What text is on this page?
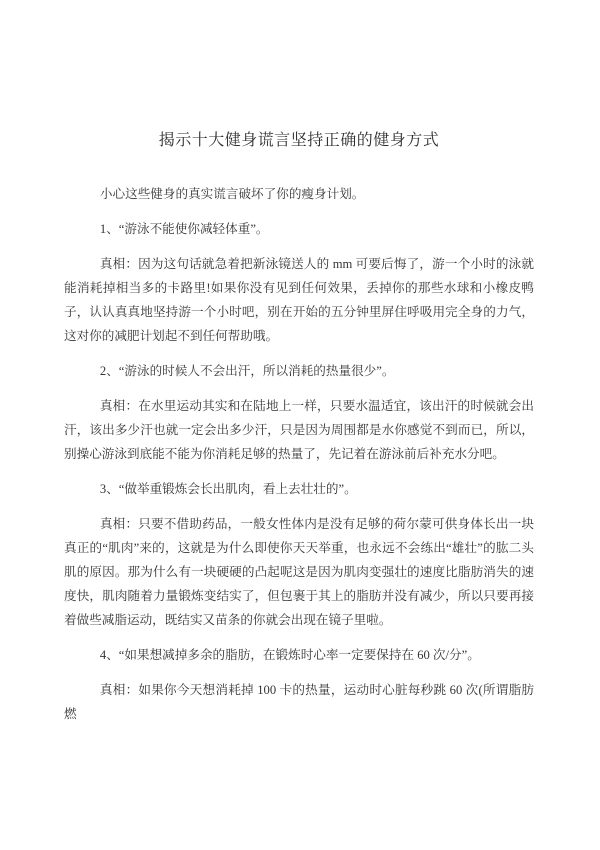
揭示十大健身谎言坚持正确的健身方式

小心这些健身的真实谎言破坏了你的瘦身计划。

1、“游泳不能使你减轻体重”。

真相：因为这句话就急着把新泳镜送人的 mm 可要后悔了，游一个小时的泳就能消耗掉相当多的卡路里!如果你没有见到任何效果，丢掉你的那些水球和小橡皮鸭子，认认真真地坚持游一个小时吧，别在开始的五分钟里屏住呼吸用完全身的力气，这对你的减肥计划起不到任何帮助哦。

2、“游泳的时候人不会出汗，所以消耗的热量很少”。

真相：在水里运动其实和在陆地上一样，只要水温适宜，该出汗的时候就会出汗，该出多少汗也就一定会出多少汗，只是因为周围都是水你感觉不到而已，所以，别操心游泳到底能不能为你消耗足够的热量了，先记着在游泳前后补充水分吧。

3、“做举重锻炼会长出肌肉，看上去壮壮的”。

真相：只要不借助药品，一般女性体内是没有足够的荷尔蒙可供身体长出一块真正的“肌肉”来的，这就是为什么即使你天天举重，也永远不会练出“雄壮”的肱二头肌的原因。那为什么有一块硬硬的凸起呢这是因为肌肉变强壮的速度比脂肪消失的速度快，肌肉随着力量锻炼变结实了，但包裹于其上的脂肪并没有减少，所以只要再接着做些减脂运动，既结实又苗条的你就会出现在镜子里啦。

4、“如果想减掉多余的脂肪，在锻炼时心率一定要保持在 60 次/分”。

真相：如果你今天想消耗掉 100 卡的热量，运动时心脏每秒跳 60 次(所谓脂肪燃
